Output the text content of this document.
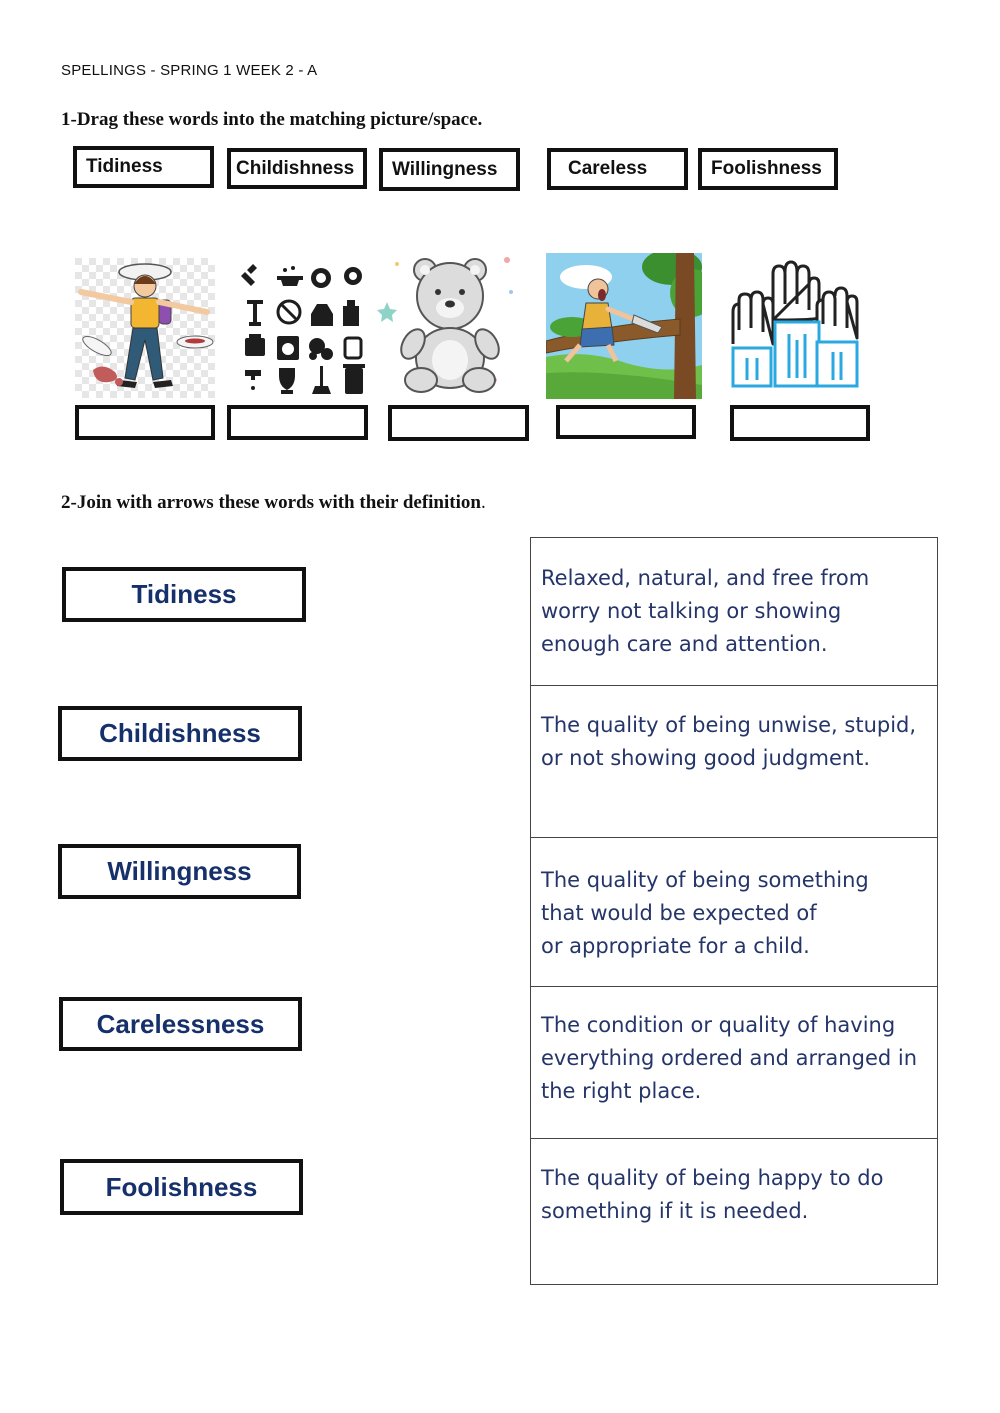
SPELLINGS - SPRING 1 WEEK 2 - A
1-Drag these words into the matching picture/space.
Tidiness	Childishness	Willingness	Careless	Foolishness
2-Join with arrows these words with their definition.
Tidiness
Childishness
Willingness
Carelessness
Foolishness
Relaxed, natural, and free from
worry not talking or showing
enough care and attention.
The quality of being unwise, stupid,
or not showing good judgment.
The quality of being something
that would be expected of
or appropriate for a child.
The condition or quality of having
everything ordered and arranged in
the right place.
The quality of being happy to do
something if it is needed.
